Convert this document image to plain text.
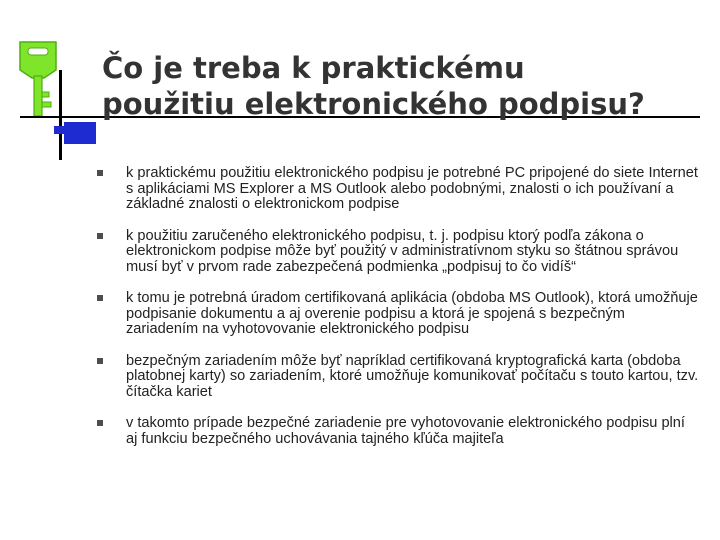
Čo je treba k praktickému
použitiu elektronického podpisu?
k praktickému použitiu elektronického podpisu je potrebné PC pripojené do siete Internet s aplikáciami MS Explorer a MS Outlook alebo podobnými, znalosti o ich používaní a základné znalosti o elektronickom podpise
k použitiu zaručeného elektronického podpisu, t. j. podpisu ktorý podľa zákona o elektronickom podpise môže byť použitý v administratívnom styku so štátnou správou musí byť v prvom rade zabezpečená podmienka „podpisuj to čo vidíš“
k tomu je potrebná úradom certifikovaná aplikácia (obdoba MS Outlook), ktorá umožňuje podpisanie dokumentu a aj overenie podpisu a ktorá je spojená s bezpečným zariadením na vyhotovovanie elektronického podpisu
bezpečným zariadením môže byť napríklad certifikovaná kryptografická karta (obdoba platobnej karty) so zariadením, ktoré umožňuje komunikovať počítaču s touto kartou, tzv. čítačka kariet
v takomto prípade bezpečné zariadenie pre vyhotovovanie elektronického podpisu plní aj funkciu bezpečného uchovávania tajného kľúča majiteľa
